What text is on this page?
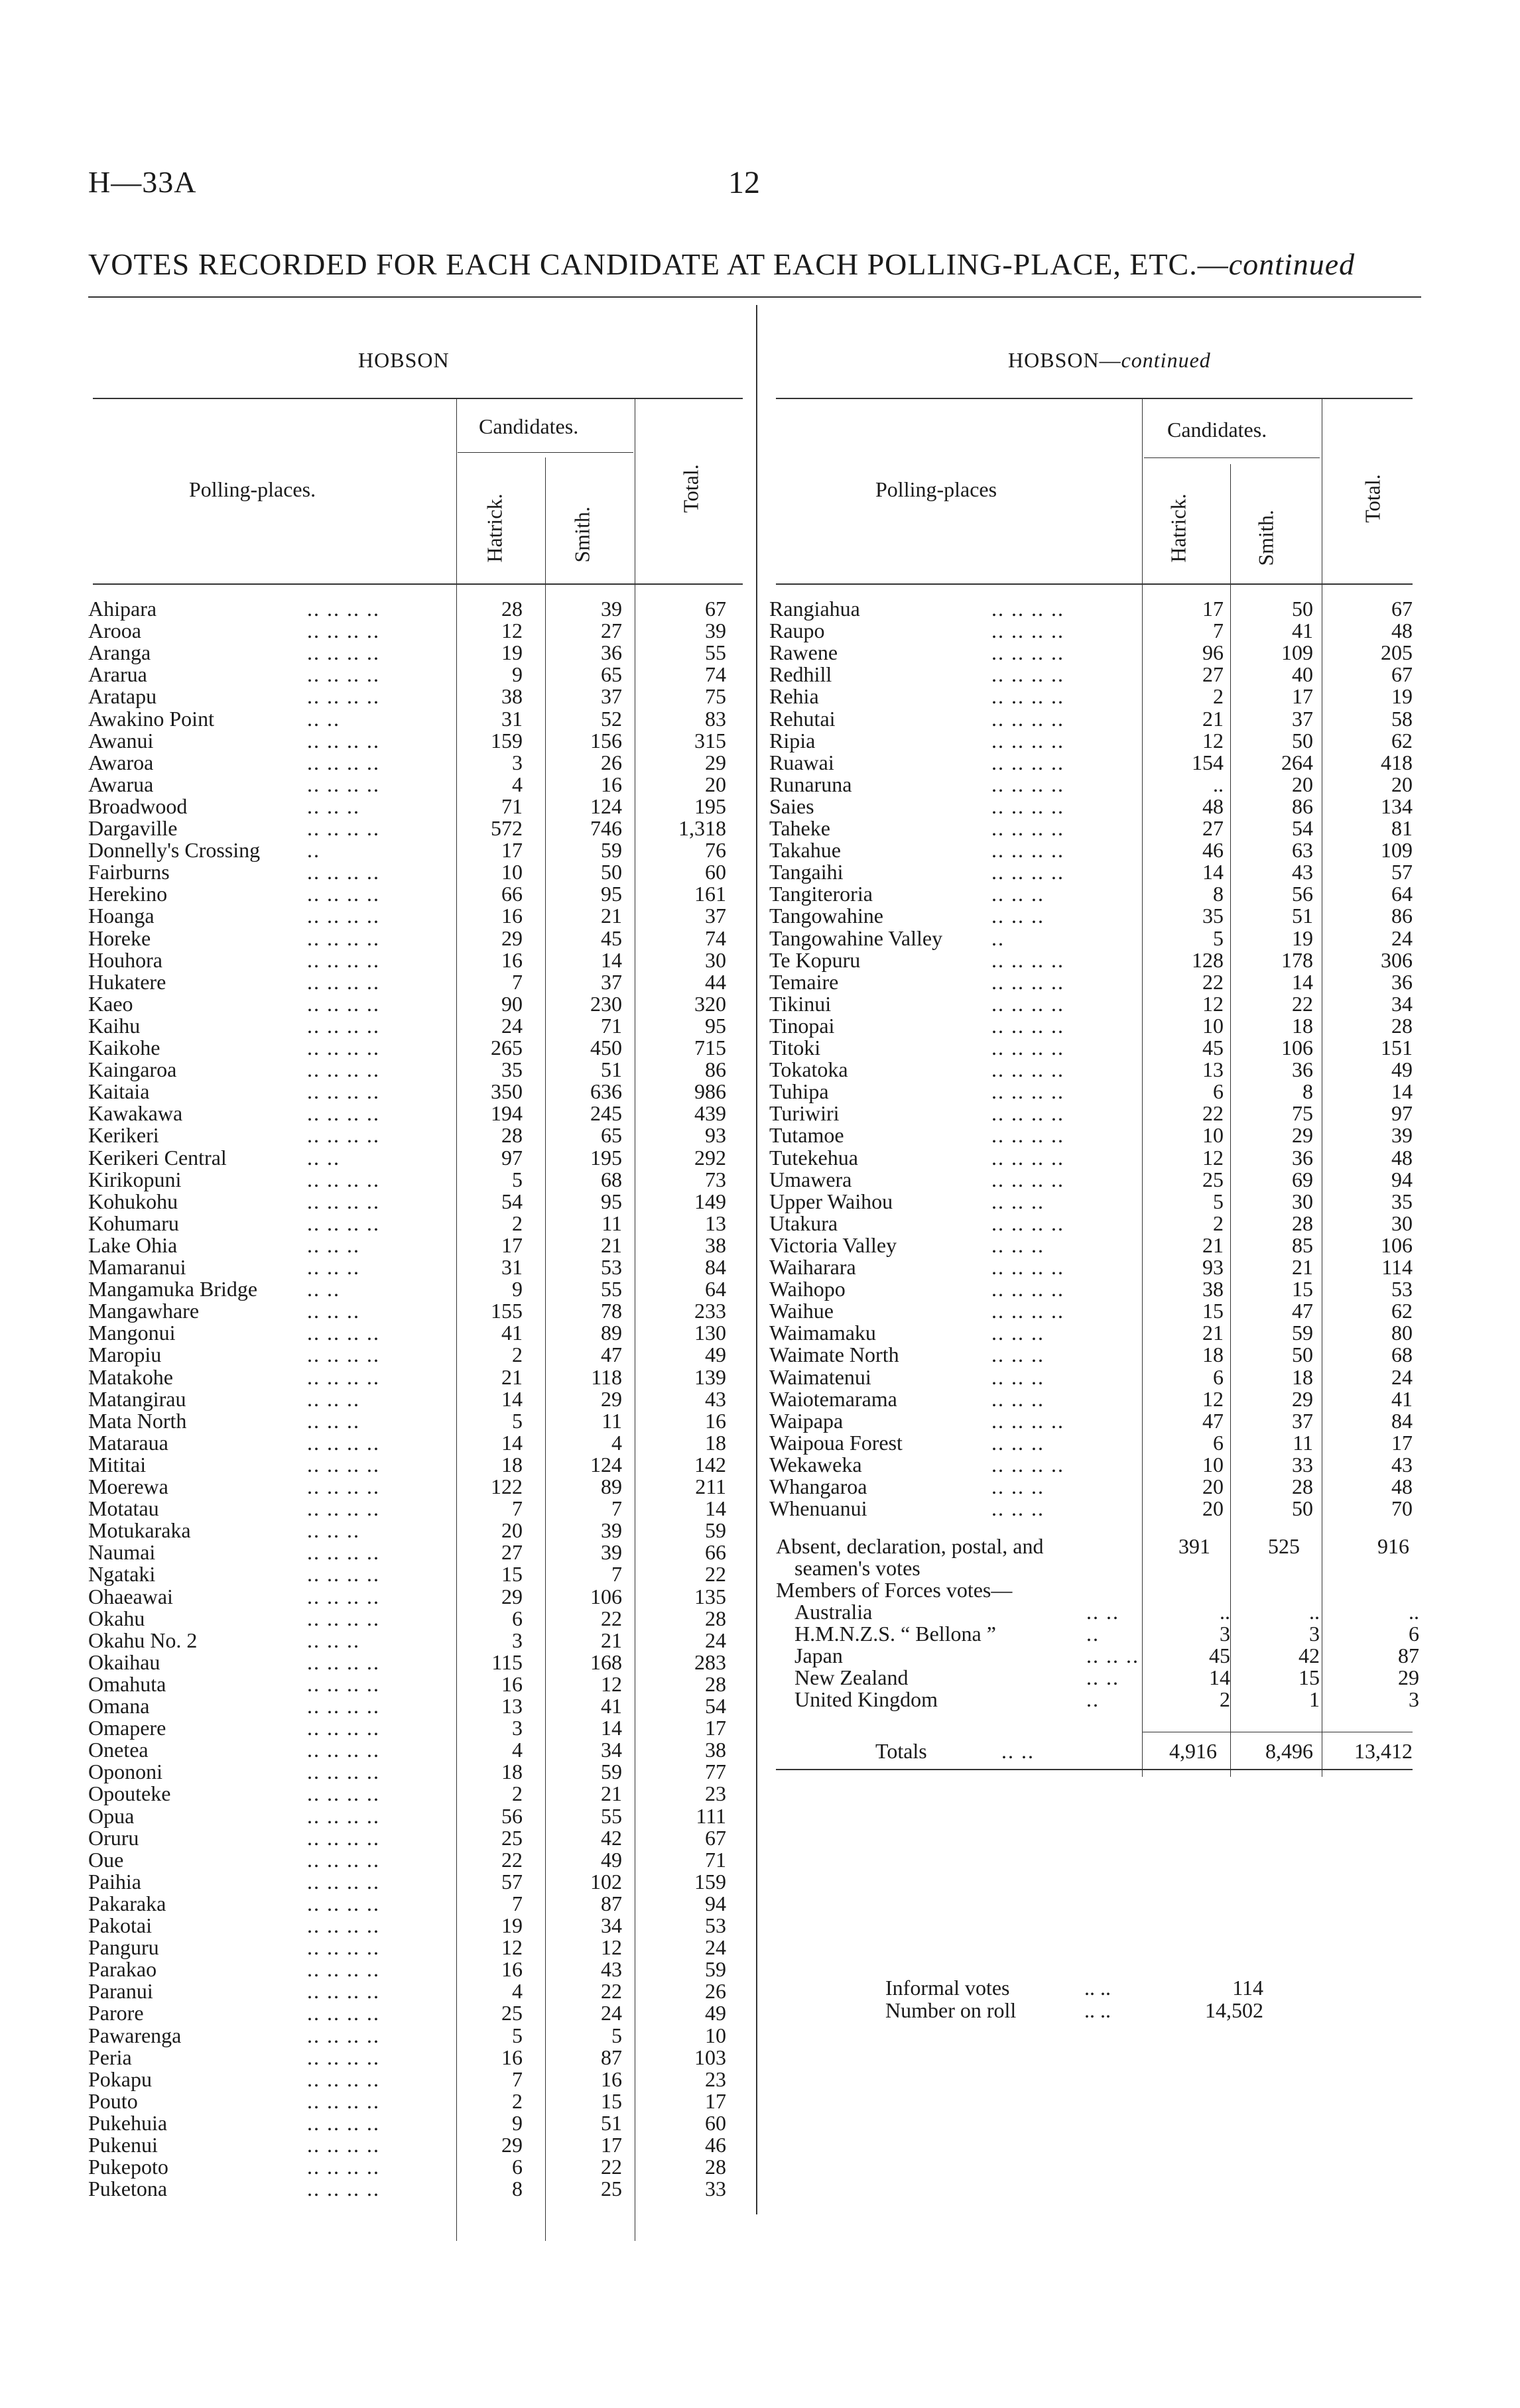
H—33A	12
VOTES RECORDED FOR EACH CANDIDATE AT EACH POLLING-PLACE, ETC.—continued
HOBSON
Polling-places.
Candidates.
Hatrick.	Smith.
Total.
Ahipara	.. .. .. ..	28	39	67
Arooa	.. .. .. ..	12	27	39
Aranga	.. .. .. ..	19	36	55
Ararua	.. .. .. ..	9	65	74
Aratapu	.. .. .. ..	38	37	75
Awakino Point	.. ..	31	52	83
Awanui	.. .. .. ..	159	156	315
Awaroa	.. .. .. ..	3	26	29
Awarua	.. .. .. ..	4	16	20
Broadwood	.. .. ..	71	124	195
Dargaville	.. .. .. ..	572	746	1,318
Donnelly's Crossing ..	17	59	76
Fairburns	.. .. .. ..	10	50	60
Herekino	.. .. .. ..	66	95	161
Hoanga	.. .. .. ..	16	21	37
Horeke	.. .. .. ..	29	45	74
Houhora	.. .. .. ..	16	14	30
Hukatere	.. .. .. ..	7	37	44
Kaeo	.. .. .. ..	90	230	320
Kaihu	.. .. .. ..	24	71	95
Kaikohe	.. .. .. ..	265	450	715
Kaingaroa	.. .. .. ..	35	51	86
Kaitaia	.. .. .. ..	350	636	986
Kawakawa	.. .. .. ..	194	245	439
Kerikeri	.. .. .. ..	28	65	93
Kerikeri Central	.. ..	97	195	292
Kirikopuni	.. .. .. ..	5	68	73
Kohukohu	.. .. .. ..	54	95	149
Kohumaru	.. .. .. ..	2	11	13
Lake Ohia	.. .. ..	17	21	38
Mamaranui	.. .. ..	31	53	84
Mangamuka Bridge .. ..	9	55	64
Mangawhare	.. .. ..	155	78	233
Mangonui	.. .. .. ..	41	89	130
Maropiu	.. .. .. ..	2	47	49
Matakohe	.. .. .. ..	21	118	139
Matangirau	.. .. ..	14	29	43
Mata North	.. .. ..	5	11	16
Mataraua	.. .. .. ..	14	4	18
Mititai	.. .. .. ..	18	124	142
Moerewa	.. .. .. ..	122	89	211
Motatau	.. .. .. ..	7	7	14
Motukaraka	.. .. ..	20	39	59
Naumai	.. .. .. ..	27	39	66
Ngataki	.. .. .. ..	15	7	22
Ohaeawai	.. .. .. ..	29	106	135
Okahu	.. .. .. ..	6	22	28
Okahu No. 2	.. .. ..	3	21	24
Okaihau	.. .. .. ..	115	168	283
Omahuta	.. .. .. ..	16	12	28
Omana	.. .. .. ..	13	41	54
Omapere	.. .. .. ..	3	14	17
Onetea	.. .. .. ..	4	34	38
Opononi	.. .. .. ..	18	59	77
Opouteke	.. .. .. ..	2	21	23
Opua	.. .. .. ..	56	55	111
Oruru	.. .. .. ..	25	42	67
Oue	.. .. .. ..	22	49	71
Paihia	.. .. .. ..	57	102	159
Pakaraka	.. .. .. ..	7	87	94
Pakotai	.. .. .. ..	19	34	53
Panguru	.. .. .. ..	12	12	24
Parakao	.. .. .. ..	16	43	59
Paranui	.. .. .. ..	4	22	26
Parore	.. .. .. ..	25	24	49
Pawarenga	.. .. .. ..	5	5	10
Peria	.. .. .. ..	16	87	103
Pokapu	.. .. .. ..	7	16	23
Pouto	.. .. .. ..	2	15	17
Pukehuia	.. .. .. ..	9	51	60
Pukenui	.. .. .. ..	29	17	46
Pukepoto	.. .. .. ..	6	22	28
Puketona	.. .. .. ..	8	25	33
HOBSON—continued
Polling-places
Candidates.
Hatrick.	Smith.
Total.
Rangiahua	.. .. .. ..	17	50	67
Raupo	.. .. .. ..	7	41	48
Rawene	.. .. .. ..	96	109	205
Redhill	.. .. .. ..	27	40	67
Rehia	.. .. .. ..	2	17	19
Rehutai	.. .. .. ..	21	37	58
Ripia	.. .. .. ..	12	50	62
Ruawai	.. .. .. ..	154	264	418
Runaruna	.. .. .. ..	..	20	20
Saies	.. .. .. ..	48	86	134
Taheke	.. .. .. ..	27	54	81
Takahue	.. .. .. ..	46	63	109
Tangaihi	.. .. .. ..	14	43	57
Tangiteroria	.. .. ..	8	56	64
Tangowahine	.. .. ..	35	51	86
Tangowahine Valley ..	5	19	24
Te Kopuru	.. .. .. ..	128	178	306
Temaire	.. .. .. ..	22	14	36
Tikinui	.. .. .. ..	12	22	34
Tinopai	.. .. .. ..	10	18	28
Titoki	.. .. .. ..	45	106	151
Tokatoka	.. .. .. ..	13	36	49
Tuhipa	.. .. .. ..	6	8	14
Turiwiri	.. .. .. ..	22	75	97
Tutamoe	.. .. .. ..	10	29	39
Tutekehua	.. .. .. ..	12	36	48
Umawera	.. .. .. ..	25	69	94
Upper Waihou	.. .. ..	5	30	35
Utakura	.. .. .. ..	2	28	30
Victoria Valley	.. .. ..	21	85	106
Waiharara	.. .. .. ..	93	21	114
Waihopo	.. .. .. ..	38	15	53
Waihue	.. .. .. ..	15	47	62
Waimamaku	.. .. ..	21	59	80
Waimate North	.. .. ..	18	50	68
Waimatenui	.. .. ..	6	18	24
Waiotemarama	.. .. ..	12	29	41
Waipapa	.. .. .. ..	47	37	84
Waipoua Forest	.. .. ..	6	11	17
Wekaweka	.. .. .. ..	10	33	43
Whangaroa	.. .. ..	20	28	48
Whenuanui	.. .. ..	20	50	70
Absent, declaration, postal, and	391	525	916
seamen's votes
Members of Forces votes—
Australia	.. ..	..	..	..
H.M.N.Z.S. “ Bellona ”	..	3	3	6
Japan	.. .. ..	45	42	87
New Zealand	.. ..	14	15	29
United Kingdom	..	2	1	3
Totals	.. ..	4,916	8,496	13,412
Informal votes	.. ..	114
Number on roll	.. ..	14,502
